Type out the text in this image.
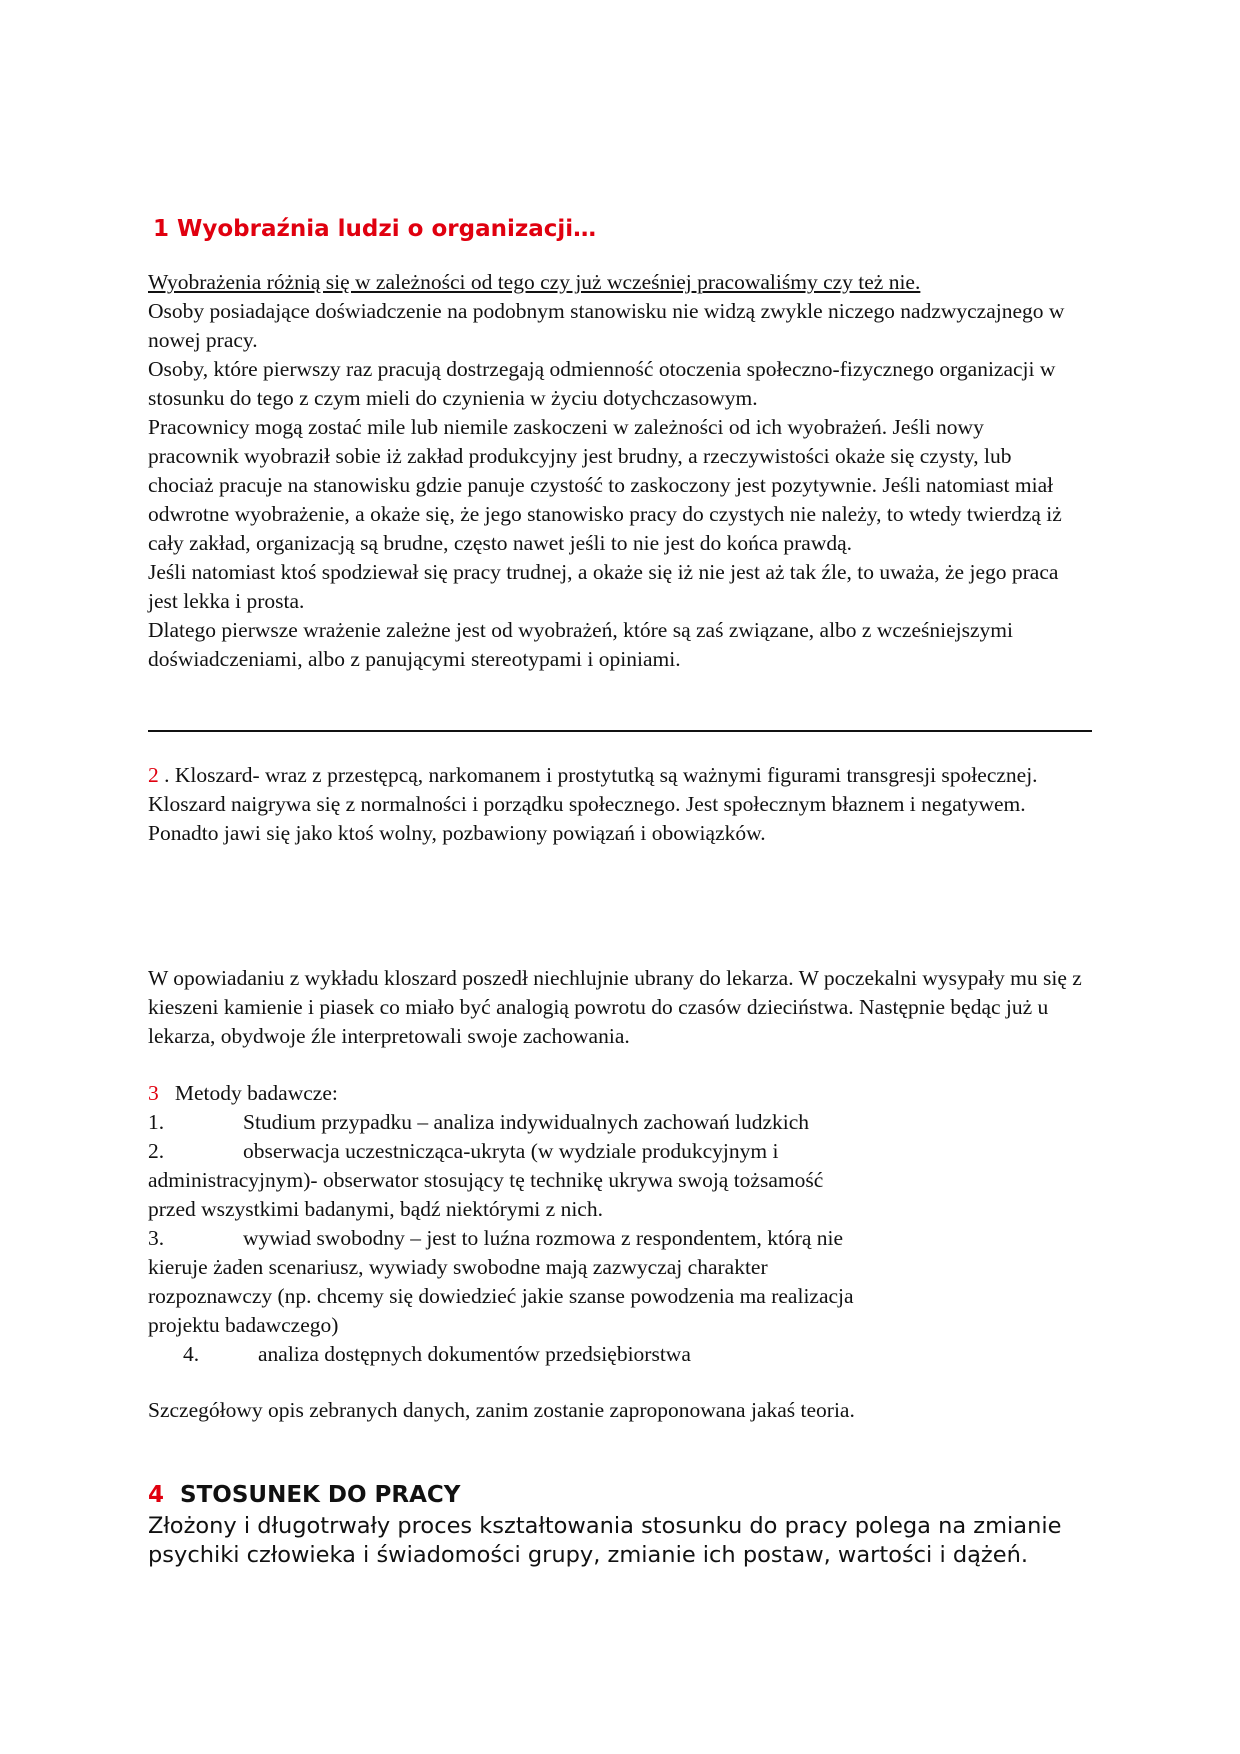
1 Wyobraźnia ludzi o organizacji…

Wyobrażenia różnią się w zależności od tego czy już wcześniej pracowaliśmy czy też nie.

Osoby posiadające doświadczenie na podobnym stanowisku nie widzą zwykle niczego nadzwyczajnego w nowej pracy.

Osoby, które pierwszy raz pracują dostrzegają odmienność otoczenia społeczno-fizycznego organizacji w stosunku do tego z czym mieli do czynienia w życiu dotychczasowym.

Pracownicy mogą zostać mile lub niemile zaskoczeni w zależności od ich wyobrażeń. Jeśli nowy pracownik wyobraził sobie iż zakład produkcyjny jest brudny, a rzeczywistości okaże się czysty, lub chociaż pracuje na stanowisku gdzie panuje czystość to zaskoczony jest pozytywnie. Jeśli natomiast miał odwrotne wyobrażenie, a okaże się, że jego stanowisko pracy do czystych nie należy, to wtedy twierdzą iż cały zakład, organizacją są brudne, często nawet jeśli to nie jest do końca prawdą.

Jeśli natomiast ktoś spodziewał się pracy trudnej, a okaże się iż nie jest aż tak źle, to uważa, że jego praca jest lekka i prosta.

Dlatego pierwsze wrażenie zależne jest od wyobrażeń, które są zaś związane, albo z wcześniejszymi doświadczeniami, albo z panującymi stereotypami i opiniami.

2 . Kloszard- wraz z przestępcą, narkomanem i prostytutką są ważnymi figurami transgresji społecznej. Kloszard naigrywa się z normalności i porządku społecznego. Jest społecznym błaznem i negatywem. Ponadto jawi się jako ktoś wolny, pozbawiony powiązań i obowiązków.

W opowiadaniu z wykładu kloszard poszedł niechlujnie ubrany do lekarza. W poczekalni wysypały mu się z kieszeni kamienie i piasek co miało być analogią powrotu do czasów dzieciństwa. Następnie będąc już u lekarza, obydwoje źle interpretowali swoje zachowania.

3 Metody badawcze:

1.	Studium przypadku – analiza indywidualnych zachowań ludzkich
2.	obserwacja uczestnicząca-ukryta (w wydziale produkcyjnym i

administracyjnym)- obserwator stosujący tę technikę ukrywa swoją tożsamość przed wszystkimi badanymi, bądź niektórymi z nich.

3.	wywiad swobodny – jest to luźna rozmowa z respondentem, którą nie

kieruje żaden scenariusz, wywiady swobodne mają zazwyczaj charakter rozpoznawczy (np. chcemy się dowiedzieć jakie szanse powodzenia ma realizacja projektu badawczego)

4.	analiza dostępnych dokumentów przedsiębiorstwa

Szczegółowy opis zebranych danych, zanim zostanie zaproponowana jakaś teoria.

4 STOSUNEK DO PRACY

Złożony i długotrwały proces kształtowania stosunku do pracy polega na zmianie psychiki człowieka i świadomości grupy, zmianie ich postaw, wartości i dążeń.
